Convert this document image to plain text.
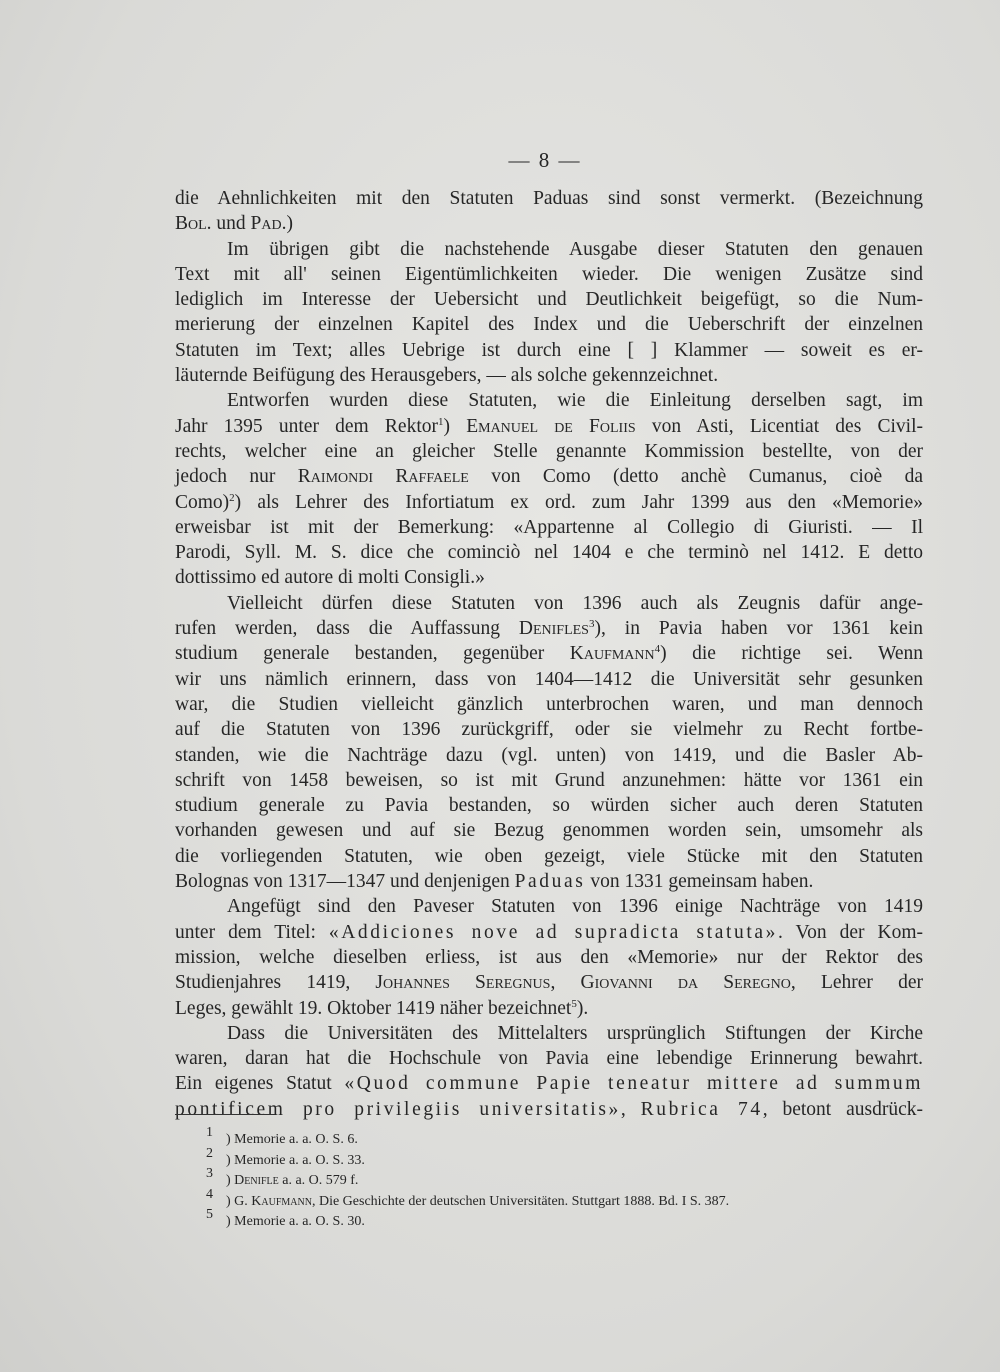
— 8 —

die Aehnlichkeiten mit den Statuten Paduas sind sonst vermerkt. (Bezeichnung
Bol. und Pad.)

Im übrigen gibt die nachstehende Ausgabe dieser Statuten den genauen
Text mit all' seinen Eigentümlichkeiten wieder. Die wenigen Zusätze sind
lediglich im Interesse der Uebersicht und Deutlichkeit beigefügt, so die Num-
merierung der einzelnen Kapitel des Index und die Ueberschrift der einzelnen
Statuten im Text; alles Uebrige ist durch eine [ ] Klammer — soweit es er-
läuternde Beifügung des Herausgebers, — als solche gekennzeichnet.

Entworfen wurden diese Statuten, wie die Einleitung derselben sagt, im
Jahr 1395 unter dem Rektor$^1$) Emanuel de Foliis von Asti, Licentiat des Civil-
rechts, welcher eine an gleicher Stelle genannte Kommission bestellte, von der
jedoch nur Raimondi Raffaele von Como (detto anchè Cumanus, cioè da
Como)$^2$) als Lehrer des Infortiatum ex ord. zum Jahr 1399 aus den «Memorie»
erweisbar ist mit der Bemerkung: «Appartenne al Collegio di Giuristi. — Il
Parodi, Syll. M. S. dice che cominciò nel 1404 e che terminò nel 1412. E detto
dottissimo ed autore di molti Consigli.»

Vielleicht dürfen diese Statuten von 1396 auch als Zeugnis dafür ange-
rufen werden, dass die Auffassung Denifles$^3$), in Pavia haben vor 1361 kein
studium generale bestanden, gegenüber Kaufmann$^4$) die richtige sei. Wenn
wir uns nämlich erinnern, dass von 1404—1412 die Universität sehr gesunken
war, die Studien vielleicht gänzlich unterbrochen waren, und man dennoch
auf die Statuten von 1396 zurückgriff, oder sie vielmehr zu Recht fortbe-
standen, wie die Nachträge dazu (vgl. unten) von 1419, und die Basler Ab-
schrift von 1458 beweisen, so ist mit Grund anzunehmen: hätte vor 1361 ein
studium generale zu Pavia bestanden, so würden sicher auch deren Statuten
vorhanden gewesen und auf sie Bezug genommen worden sein, umsomehr als
die vorliegenden Statuten, wie oben gezeigt, viele Stücke mit den Statuten
Bolognas von 1317—1347 und denjenigen Paduas von 1331 gemeinsam haben.

Angefügt sind den Paveser Statuten von 1396 einige Nachträge von 1419
unter dem Titel: «Addiciones nove ad supradicta statuta». Von der Kom-
mission, welche dieselben erliess, ist aus den «Memorie» nur der Rektor des
Studienjahres 1419, Johannes Seregnus, Giovanni da Seregno, Lehrer der
Leges, gewählt 19. Oktober 1419 näher bezeichnet$^5$).

Dass die Universitäten des Mittelalters ursprünglich Stiftungen der Kirche
waren, daran hat die Hochschule von Pavia eine lebendige Erinnerung bewahrt.
Ein eigenes Statut «Quod commune Papie teneatur mittere ad summum
pontificem pro privilegiis universitatis», Rubrica 74, betont ausdrück-

$^1$ ) Memorie a. a. O. S. 6.
$^2$ ) Memorie a. a. O. S. 33.
$^3$ ) Denifle a. a. O. 579 f.
$^4$ ) G. Kaufmann, Die Geschichte der deutschen Universitäten. Stuttgart 1888. Bd. I S. 387.
$^5$ ) Memorie a. a. O. S. 30.
